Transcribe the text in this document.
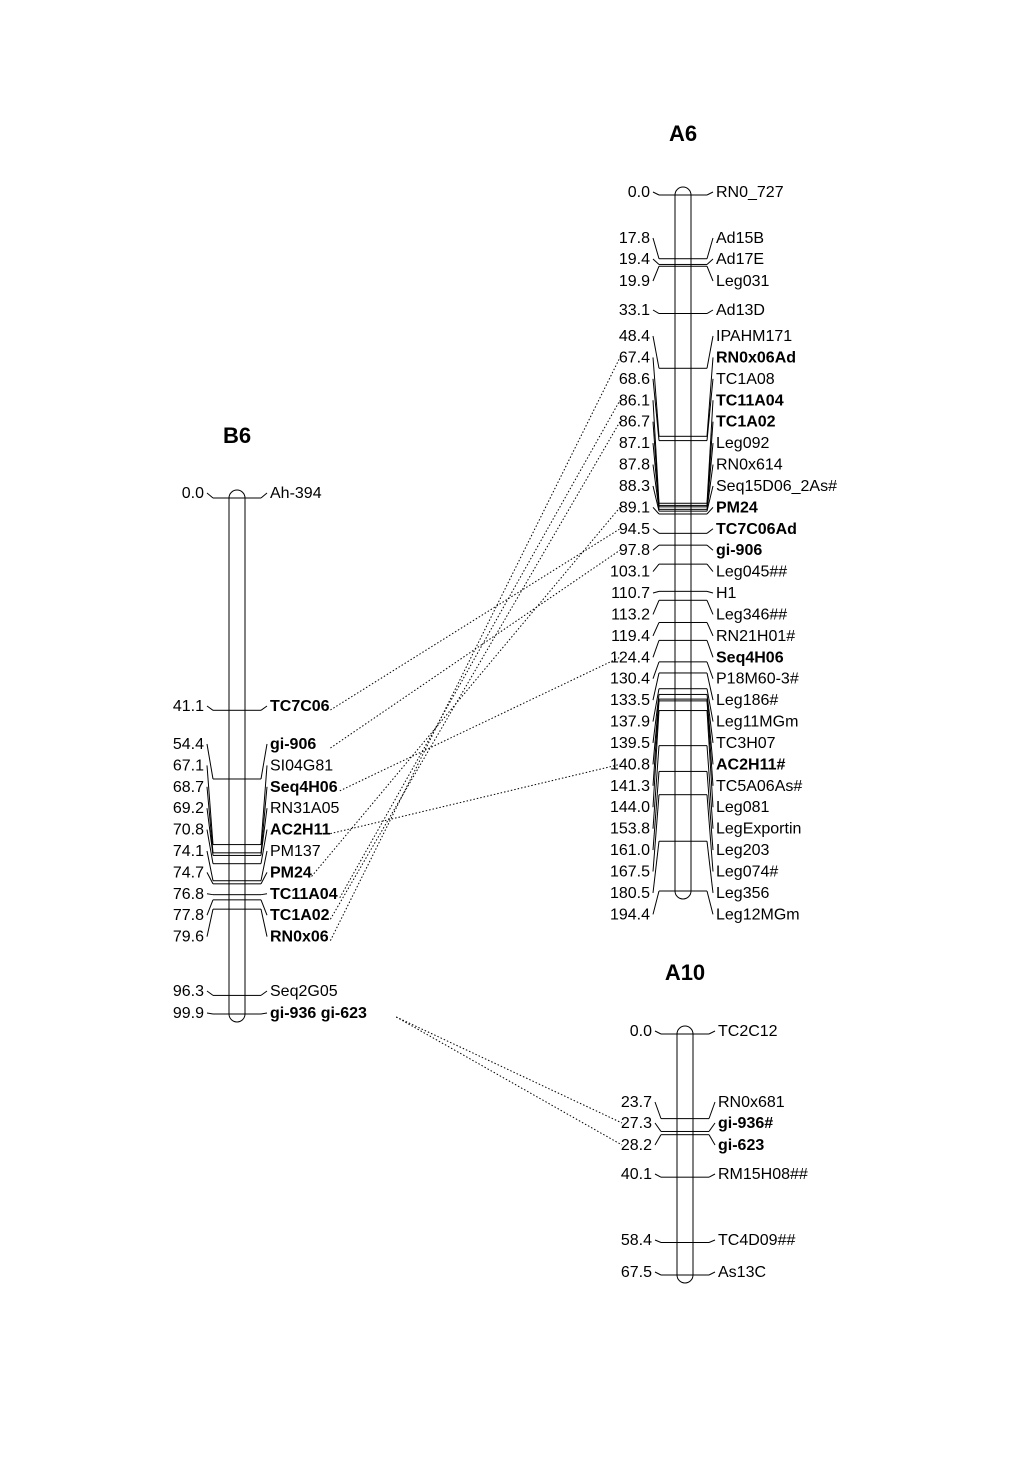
B6
0.0	Ah-394
41.1	TC7C06
54.4	gi-906
67.1	SI04G81
68.7	Seq4H06
69.2	RN31A05
70.8	AC2H11
74.1	PM137
74.7	PM24
76.8	TC11A04
77.8	TC1A02
79.6	RN0x06
96.3	Seq2G05
99.9	gi-936 gi-623
A6
0.0	RN0_727
17.8	Ad15B
19.4	Ad17E
19.9	Leg031
33.1	Ad13D
48.4	IPAHM171
67.4	RN0x06Ad
68.6	TC1A08
86.1	TC11A04
86.7	TC1A02
87.1	Leg092
87.8	RN0x614
88.3	Seq15D06_2As#
89.1	PM24
94.5	TC7C06Ad
97.8	gi-906
103.1	Leg045##
110.7	H1
113.2	Leg346##
119.4	RN21H01#
124.4	Seq4H06
130.4	P18M60-3#
133.5	Leg186#
137.9	Leg11MGm
139.5	TC3H07
140.8	AC2H11#
141.3	TC5A06As#
144.0	Leg081
153.8	LegExportin
161.0	Leg203
167.5	Leg074#
180.5	Leg356
194.4	Leg12MGm
A10
0.0	TC2C12
23.7	RN0x681
27.3	gi-936#
28.2	gi-623
40.1	RM15H08##
58.4	TC4D09##
67.5	As13C
